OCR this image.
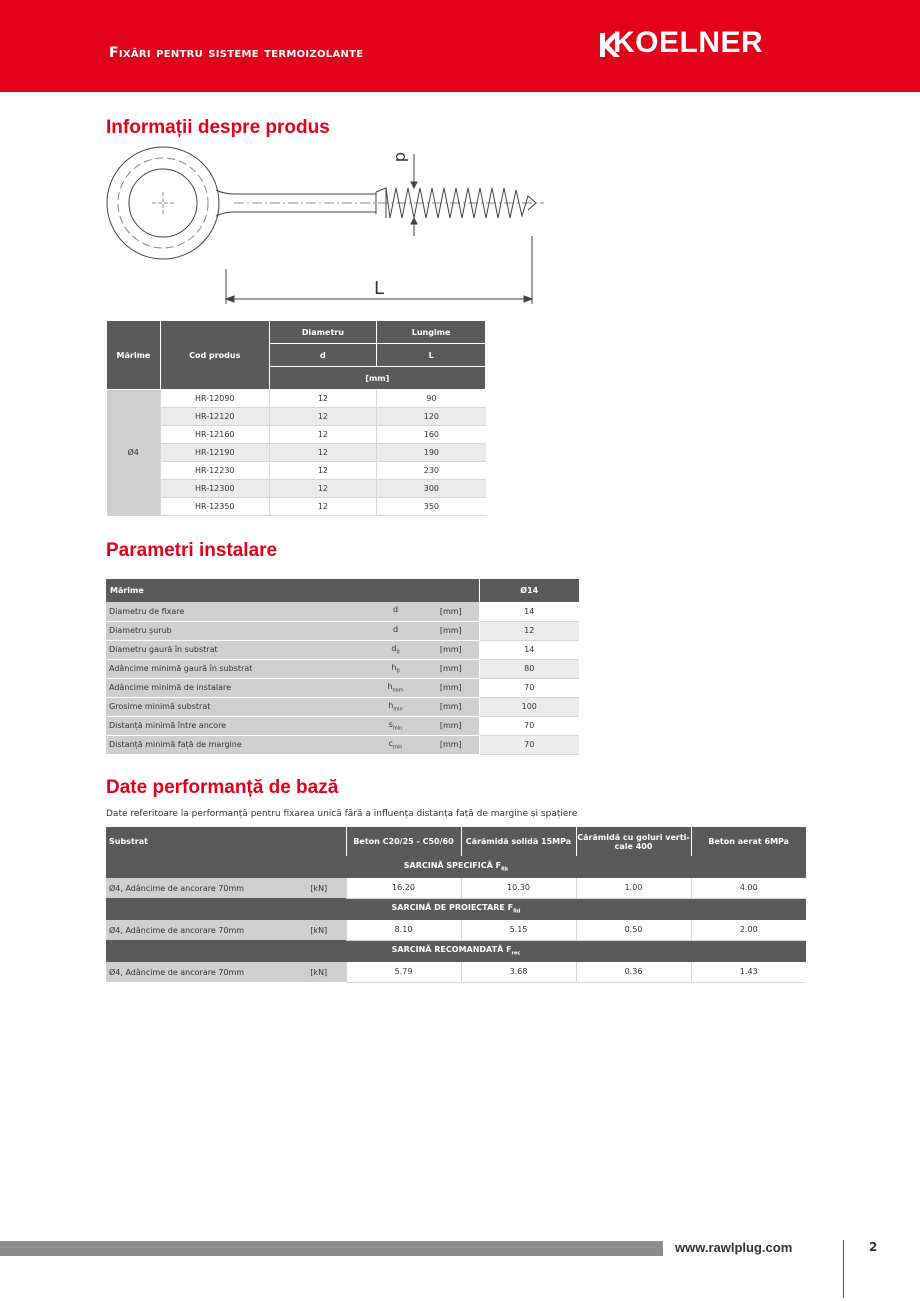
Fixări pentru sisteme termoizolante	KOELNER
Informații despre produs
d
L
Mărime	Cod produs	Diametru	Lungime
		d	L
		[mm]	
Ø4	HR-12090	12	90
	HR-12120	12	120
	HR-12160	12	160
	HR-12190	12	190
	HR-12230	12	230
	HR-12300	12	300
	HR-12350	12	350
Parametri instalare
Mărime			Ø14
Diametru de fixare	d	[mm]	14
Diametru șurub	d	[mm]	12
Diametru gaură în substrat	$d_0$	[mm]	14
Adâncime minimă gaură în substrat	$h_0$	[mm]	80
Adâncime minimă de instalare	$h_{nom}$	[mm]	70
Grosime minimă substrat	$h_{min}$	[mm]	100
Distanță minimă între ancore	$s_{min}$	[mm]	70
Distanță minimă față de margine	$c_{min}$	[mm]	70
Date performanță de bază
Date referitoare la performanță pentru fixarea unică fără a influența distanța față de margine și spațiere
Substrat		Beton C20/25 - C50/60	Cărămidă solidă 15MPa	Cărămidă cu goluri verti-cale 400	Beton aerat 6MPa
SARCINĂ SPECIFICĂ $F_{Rk}$
Ø4, Adâncime de ancorare 70mm	[kN]	16.20	10.30	1.00	4.00
SARCINĂ DE PROIECTARE $F_{Rd}$
Ø4, Adâncime de ancorare 70mm	[kN]	8.10	5.15	0.50	2.00
SARCINĂ RECOMANDATĂ $F_{rec}$
Ø4, Adâncime de ancorare 70mm	[kN]	5.79	3.68	0.36	1.43
www.rawlplug.com	2
